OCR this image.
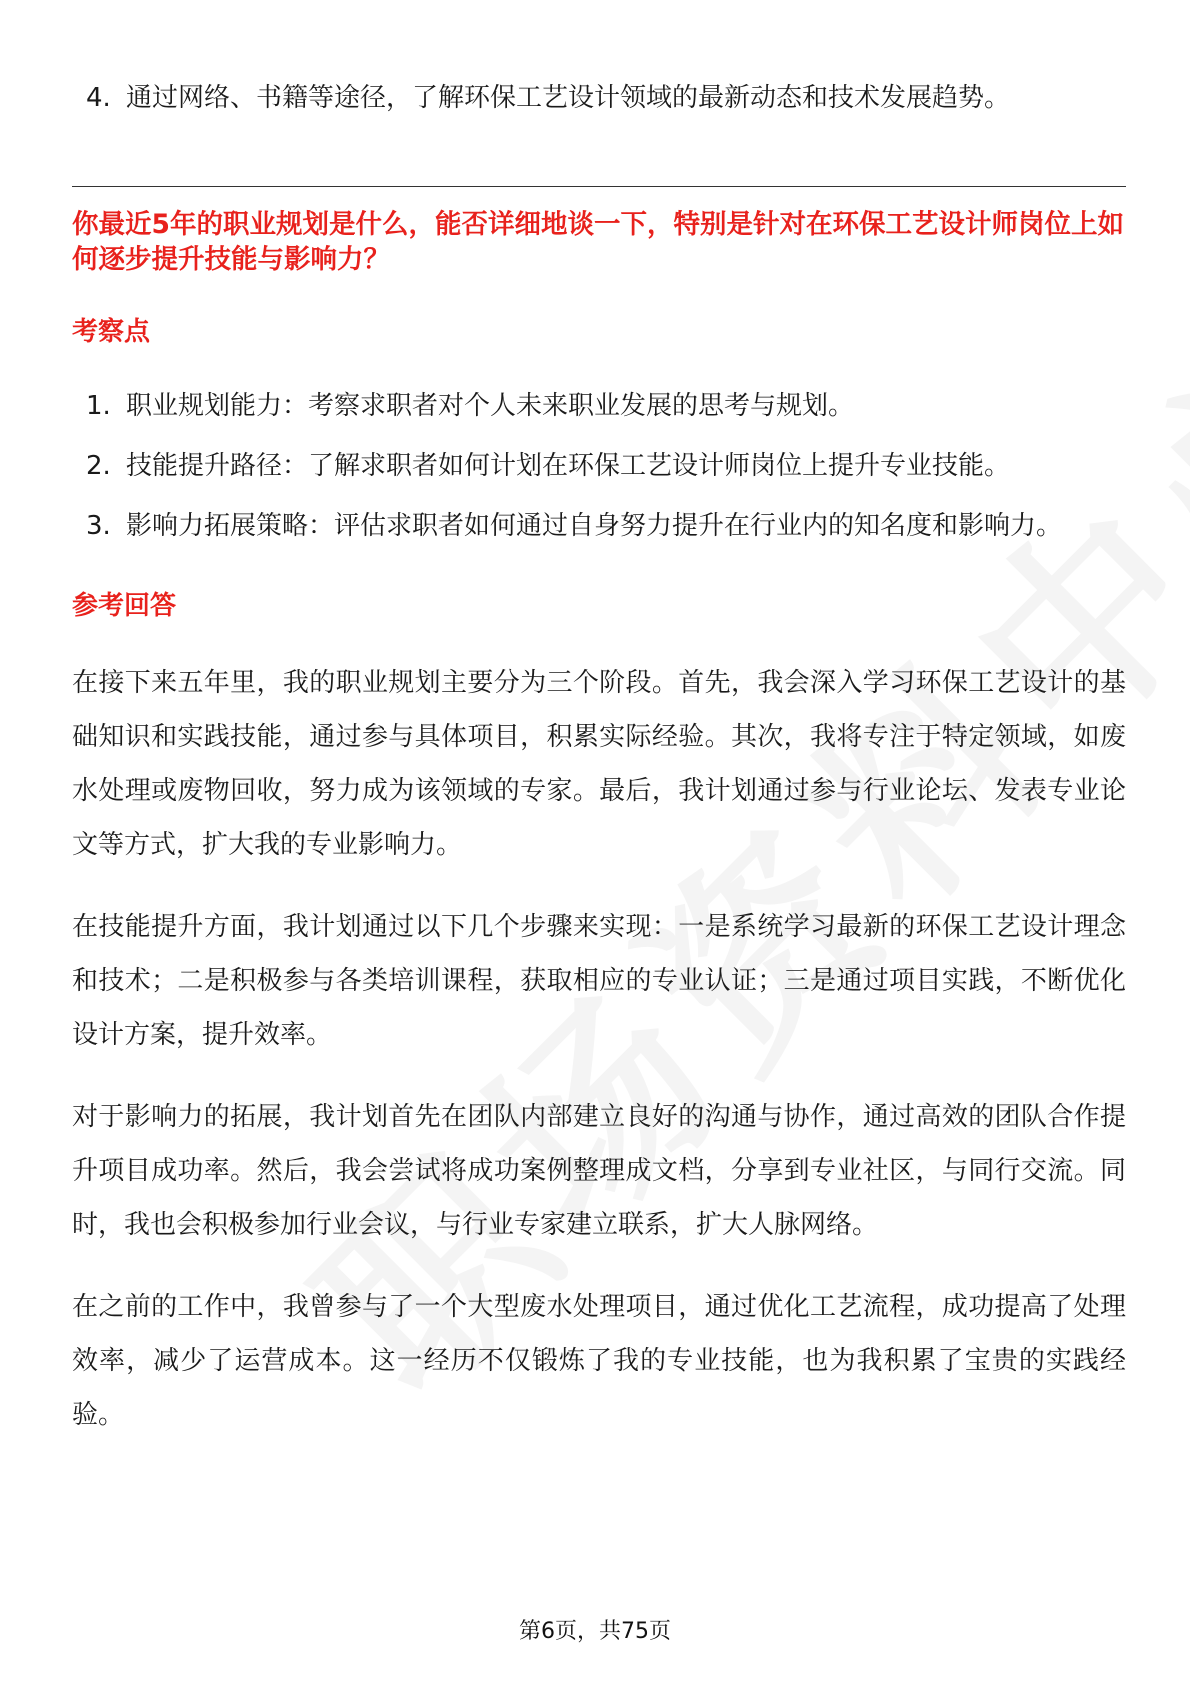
4. 通过网络、书籍等途径，了解环保工艺设计领域的最新动态和技术发展趋势。
你最近5年的职业规划是什么，能否详细地谈一下，特别是针对在环保工艺设计师岗位上如何逐步提升技能与影响力？
考察点
1. 职业规划能力：考察求职者对个人未来职业发展的思考与规划。
2. 技能提升路径：了解求职者如何计划在环保工艺设计师岗位上提升专业技能。
3. 影响力拓展策略：评估求职者如何通过自身努力提升在行业内的知名度和影响力。
参考回答

在接下来五年里，我的职业规划主要分为三个阶段。首先，我会深入学习环保工艺设计的基础知识和实践技能，通过参与具体项目，积累实际经验。其次，我将专注于特定领域，如废水处理或废物回收，努力成为该领域的专家。最后，我计划通过参与行业论坛、发表专业论文等方式，扩大我的专业影响力。

在技能提升方面，我计划通过以下几个步骤来实现：一是系统学习最新的环保工艺设计理念和技术；二是积极参与各类培训课程，获取相应的专业认证；三是通过项目实践，不断优化设计方案，提升效率。

对于影响力的拓展，我计划首先在团队内部建立良好的沟通与协作，通过高效的团队合作提升项目成功率。然后，我会尝试将成功案例整理成文档，分享到专业社区，与同行交流。同时，我也会积极参加行业会议，与行业专家建立联系，扩大人脉网络。

在之前的工作中，我曾参与了一个大型废水处理项目，通过优化工艺流程，成功提高了处理效率，减少了运营成本。这一经历不仅锻炼了我的专业技能，也为我积累了宝贵的实践经验。

第6页，共75页
